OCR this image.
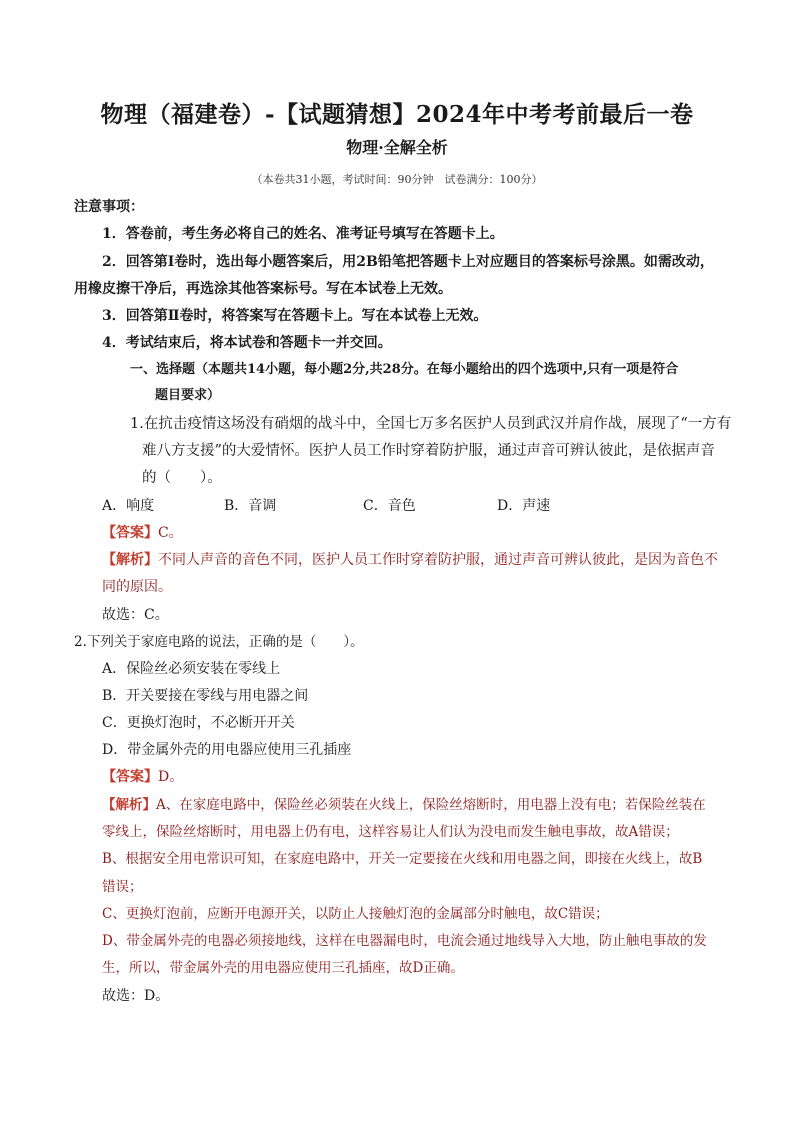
物理（福建卷）-【试题猜想】2024年中考考前最后一卷
物理·全解全析
（本卷共31小题，考试时间：90分钟　试卷满分：100分）
注意事项：
1．答卷前，考生务必将自己的姓名、准考证号填写在答题卡上。
2．回答第Ⅰ卷时，选出每小题答案后，用2B铅笔把答题卡上对应题目的答案标号涂黑。如需改动，
用橡皮擦干净后，再选涂其他答案标号。写在本试卷上无效。
3．回答第Ⅱ卷时，将答案写在答题卡上。写在本试卷上无效。
4．考试结束后，将本试卷和答题卡一并交回。
一、选择题（本题共14小题，每小题2分,共28分。在每小题给出的四个选项中,只有一项是符合
题目要求）
1.在抗击疫情这场没有硝烟的战斗中，全国七万多名医护人员到武汉并肩作战，展现了“一方有
难八方支援”的大爱情怀。医护人员工作时穿着防护服，通过声音可辨认彼此，是依据声音
的（　　）。
A．响度	B．音调	C．音色	D．声速
【答案】C。
【解析】不同人声音的音色不同，医护人员工作时穿着防护服，通过声音可辨认彼此，是因为音色不
同的原因。
故选：C。
2.下列关于家庭电路的说法，正确的是（　　）。
A．保险丝必须安装在零线上
B．开关要接在零线与用电器之间
C．更换灯泡时，不必断开开关
D．带金属外壳的用电器应使用三孔插座
【答案】D。
【解析】A、在家庭电路中，保险丝必须装在火线上，保险丝熔断时，用电器上没有电；若保险丝装在
零线上，保险丝熔断时，用电器上仍有电，这样容易让人们认为没电而发生触电事故，故A错误；
B、根据安全用电常识可知，在家庭电路中，开关一定要接在火线和用电器之间，即接在火线上，故B
错误；
C、更换灯泡前，应断开电源开关，以防止人接触灯泡的金属部分时触电，故C错误；
D、带金属外壳的电器必须接地线，这样在电器漏电时，电流会通过地线导入大地，防止触电事故的发
生，所以，带金属外壳的用电器应使用三孔插座，故D正确。
故选：D。
